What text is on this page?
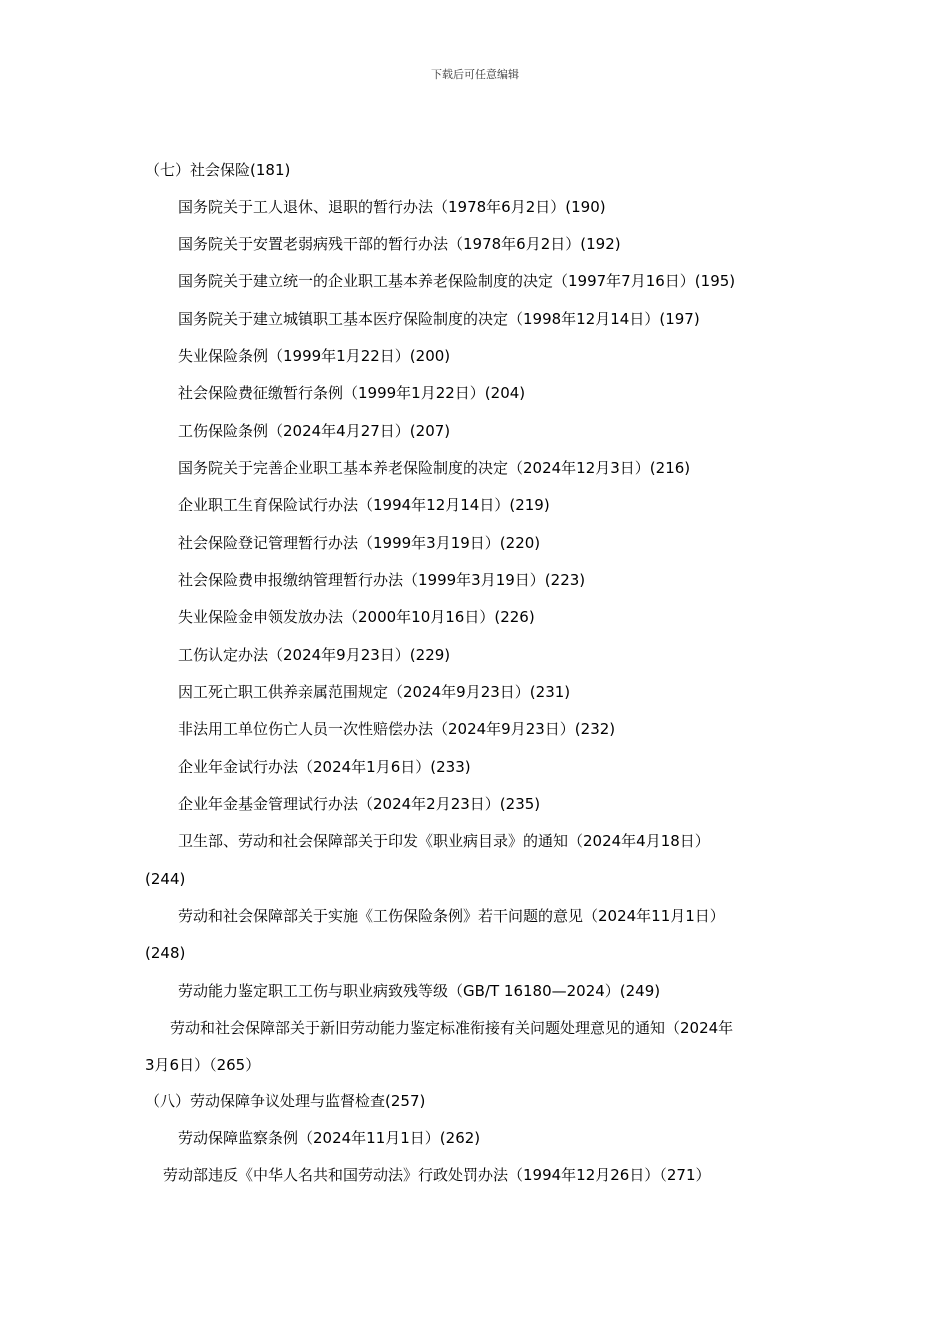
下载后可任意编辑
（七）社会保险(181)
国务院关于工人退休、退职的暂行办法（1978年6月2日）(190)
国务院关于安置老弱病残干部的暂行办法（1978年6月2日）(192)
国务院关于建立统一的企业职工基本养老保险制度的决定（1997年7月16日）(195)
国务院关于建立城镇职工基本医疗保险制度的决定（1998年12月14日）(197)
失业保险条例（1999年1月22日）(200)
社会保险费征缴暂行条例（1999年1月22日）(204)
工伤保险条例（2024年4月27日）(207)
国务院关于完善企业职工基本养老保险制度的决定（2024年12月3日）(216)
企业职工生育保险试行办法（1994年12月14日）(219)
社会保险登记管理暂行办法（1999年3月19日）(220)
社会保险费申报缴纳管理暂行办法（1999年3月19日）(223)
失业保险金申领发放办法（2000年10月16日）(226)
工伤认定办法（2024年9月23日）(229)
因工死亡职工供养亲属范围规定（2024年9月23日）(231)
非法用工单位伤亡人员一次性赔偿办法（2024年9月23日）(232)
企业年金试行办法（2024年1月6日）(233)
企业年金基金管理试行办法（2024年2月23日）(235)
卫生部、劳动和社会保障部关于印发《职业病目录》的通知（2024年4月18日）
(244)
劳动和社会保障部关于实施《工伤保险条例》若干问题的意见（2024年11月1日）
(248)
劳动能力鉴定职工工伤与职业病致残等级（GB/T 16180—2024）(249)
劳动和社会保障部关于新旧劳动能力鉴定标准衔接有关问题处理意见的通知（2024年
3月6日）（265）
（八）劳动保障争议处理与监督检查(257)
劳动保障监察条例（2024年11月1日）(262)
劳动部违反《中华人名共和国劳动法》行政处罚办法（1994年12月26日）（271）
